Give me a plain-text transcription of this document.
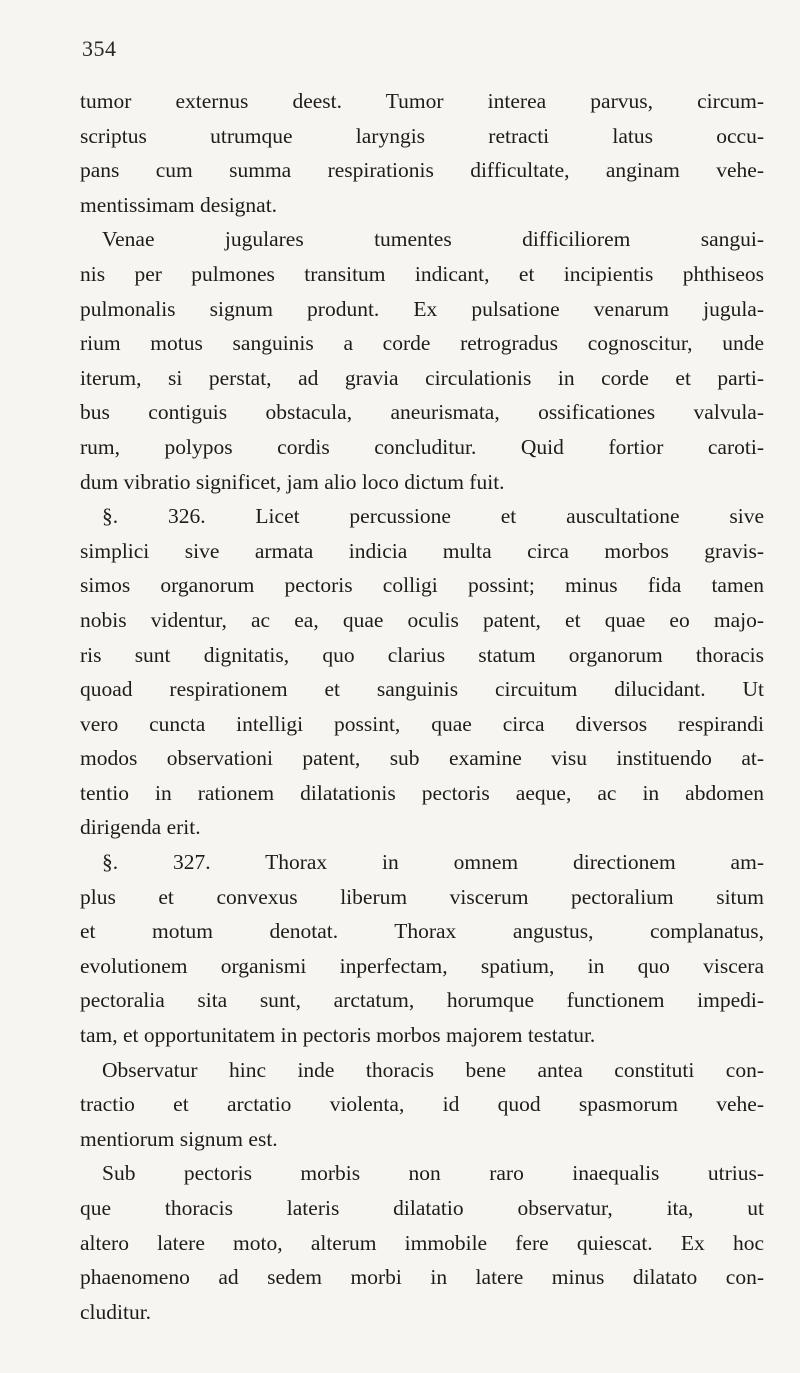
354
tumor externus deest. Tumor interea parvus, circum-
scriptus utrumque laryngis retracti latus occu-
pans cum summa respirationis difficultate, anginam vehe-
mentissimam designat.
Venae jugulares tumentes difficiliorem sangui-
nis per pulmones transitum indicant, et incipientis phthiseos
pulmonalis signum produnt. Ex pulsatione venarum jugula-
rium motus sanguinis a corde retrogradus cognoscitur, unde
iterum, si perstat, ad gravia circulationis in corde et parti-
bus contiguis obstacula, aneurismata, ossificationes valvula-
rum, polypos cordis concluditur. Quid fortior caroti-
dum vibratio significet, jam alio loco dictum fuit.
§. 326. Licet percussione et auscultatione sive
simplici sive armata indicia multa circa morbos gravis-
simos organorum pectoris colligi possint; minus fida tamen
nobis videntur, ac ea, quae oculis patent, et quae eo majo-
ris sunt dignitatis, quo clarius statum organorum thoracis
quoad respirationem et sanguinis circuitum dilucidant. Ut
vero cuncta intelligi possint, quae circa diversos respirandi
modos observationi patent, sub examine visu instituendo at-
tentio in rationem dilatationis pectoris aeque, ac in abdomen
dirigenda erit.
§. 327. Thorax in omnem directionem am-
plus et convexus liberum viscerum pectoralium situm
et motum denotat. Thorax angustus, complanatus,
evolutionem organismi inperfectam, spatium, in quo viscera
pectoralia sita sunt, arctatum, horumque functionem impedi-
tam, et opportunitatem in pectoris morbos majorem testatur.
Observatur hinc inde thoracis bene antea constituti con-
tractio et arctatio violenta, id quod spasmorum vehe-
mentiorum signum est.
Sub pectoris morbis non raro inaequalis utrius-
que thoracis lateris dilatatio observatur, ita, ut
altero latere moto, alterum immobile fere quiescat. Ex hoc
phaenomeno ad sedem morbi in latere minus dilatato con-
cluditur.
